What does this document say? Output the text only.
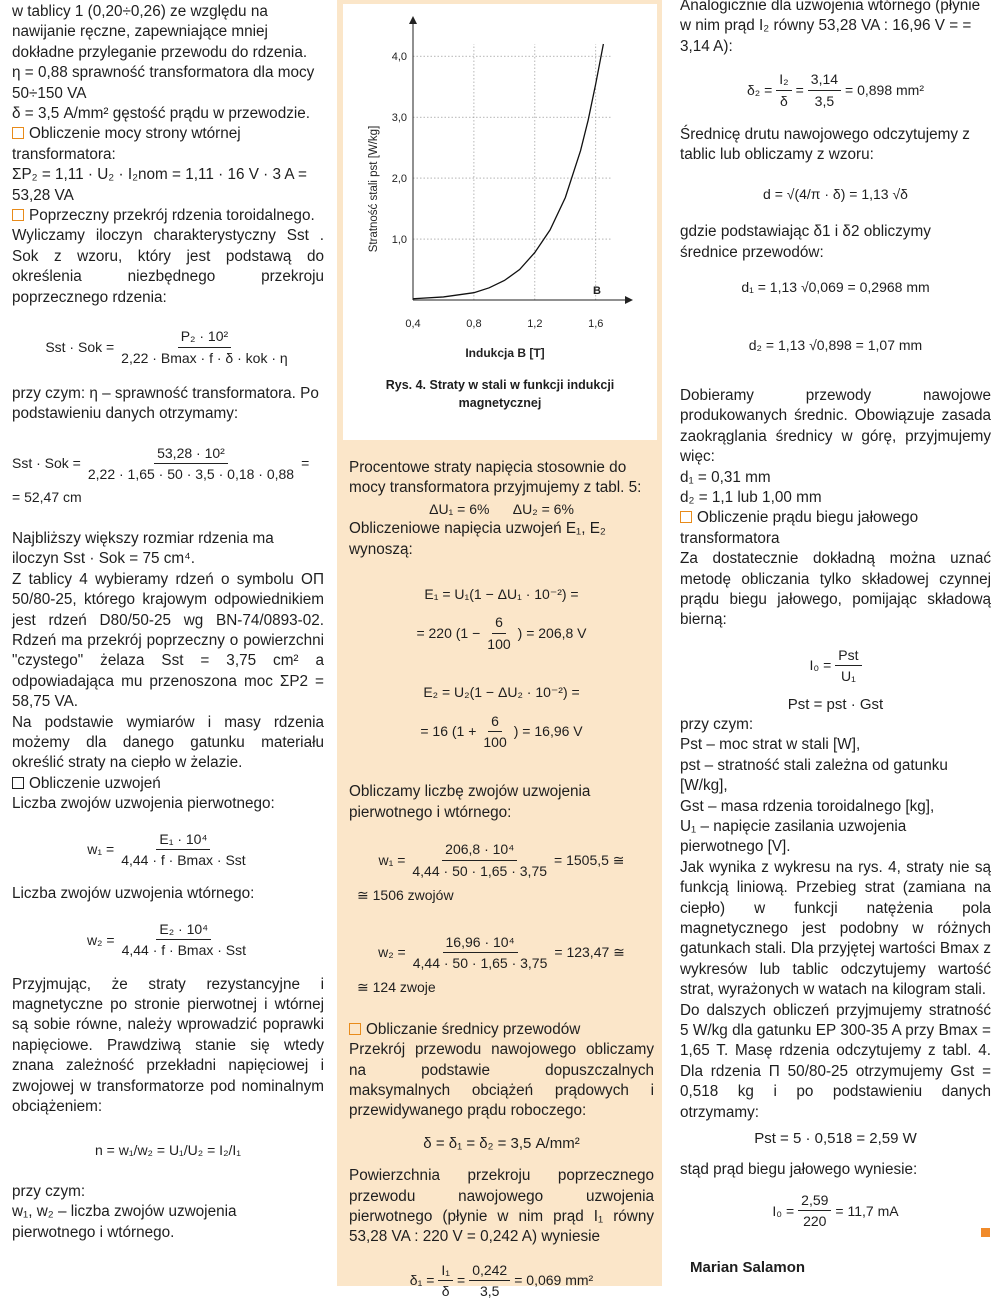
w tablicy 1 (0,20÷0,26) ze względu na nawijanie ręczne, zapewniające mniej dokładne przyleganie przewodu do rdzenia.

η = 0,88 sprawność transformatora dla mocy 50÷150 VA

δ = 3,5 A/mm² gęstość prądu w przewodzie.

Obliczenie mocy strony wtórnej transformatora:

ΣP₂ = 1,11 · U₂ · I₂nom = 1,11 · 16 V · 3 A = 53,28 VA

Poprzeczny przekrój rdzenia toroidalnego.

Wyliczamy iloczyn charakterystyczny Sst . Sok z wzoru, który jest podstawą do określenia niezbędnego przekroju poprzecznego rdzenia:

Sst · Sok = $\frac{\text{P₂ · 10²}}{\text{2,22 · Bmax · f · δ · kok · η}}$

przy czym: η – sprawność transformatora. Po podstawieniu danych otrzymamy:

Sst · Sok = $\frac{\text{53,28 · 10²}}{2,22 \cdot 1,65 \cdot 50 \cdot 3,5 \cdot 0,18 \cdot 0,88}$ =

= 52,47 cm

Najbliższy większy rozmiar rdzenia ma iloczyn Sst · Sok = 75 cm⁴.

Z tablicy 4 wybieramy rdzeń o symbolu OΠ 50/80-25, którego krajowym odpowiednikiem jest rdzeń D80/50-25 wg BN-74/0893-02. Rdzeń ma przekrój poprzeczny o powierzchni "czystego" żelaza Sst = 3,75 cm² a odpowiadająca mu przenoszona moc ΣP2 = 58,75 VA.

Na podstawie wymiarów i masy rdzenia możemy dla danego gatunku materiału określić straty na ciepło w żelazie.

Obliczenie uzwojeń

Liczba zwojów uzwojenia pierwotnego:

$w_1 = \frac{\text{E₁ · 10⁴}}{\text{4,44 · f · Bmax · Sst}}$

Liczba zwojów uzwojenia wtórnego:

$w_2 = \frac{\text{E₂ · 10⁴}}{\text{4,44 · f · Bmax · Sst}}$

Przyjmując, że straty rezystancyjne i magnetyczne po stronie pierwotnej i wtórnej są sobie równe, należy wprowadzić poprawki napięciowe. Prawdziwą stanie się wtedy znana zależność przekładni napięciowej i zwojowej w transformatorze pod nominalnym obciążeniem:

n = w₁/w₂ = U₁/U₂ = I₂/I₁

przy czym:

w₁, w₂ – liczba zwojów uzwojenia pierwotnego i wtórnego.

Stratność stali pst [W/kg]
Indukcja B [T]
B
0,4	0,8	1,2	1,6
1,0
2,0
3,0
4,0
Rys. 4. Straty w stali w funkcji indukcji magnetycznej

Procentowe straty napięcia stosownie do mocy transformatora przyjmujemy z tabl. 5:

ΔU₁ = 6%      ΔU₂ = 6%

Obliczeniowe napięcia uzwojeń E₁, E₂ wynoszą:

E₁ = U₁(1 − ΔU₁ · 10⁻²) =

= 220 ($1 - \frac{6}{100}$ ) = 206,8 V

E₂ = U₂(1 − ΔU₂ · 10⁻²) =

= 16 ($1 + \frac{6}{100}$ ) = 16,96 V

Obliczamy liczbę zwojów uzwojenia pierwotnego i wtórnego:

$w_1 = \frac{\text{206,8 · 10⁴}}{4,44 \cdot 50 \cdot 1,65 \cdot 3,75} = 1505,5$ ≅

≅ 1506 zwojów

$w_2 = \frac{\text{16,96 · 10⁴}}{4,44 \cdot 50 \cdot 1,65 \cdot 3,75} = 123,47$ ≅

≅ 124 zwoje

Obliczanie średnicy przewodów

Przekrój przewodu nawojowego obliczamy na podstawie dopuszczalnych maksymalnych obciążeń prądowych i przewidywanego prądu roboczego:

δ = δ₁ = δ₂ = 3,5 A/mm²

Powierzchnia przekroju poprzecznego przewodu nawojowego uzwojenia pierwotnego (płynie w nim prąd I₁ równy 53,28 VA : 220 V = 0,242 A) wyniesie

$\delta_1 = \frac{\text{I₁}}{\delta} = \frac{0,242}{3,5} = 0,069$ mm²

Analogicznie dla uzwojenia wtórnego (płynie w nim prąd I₂ równy 53,28 VA : 16,96 V = = 3,14 A):

$\delta_2 = \frac{\text{I₂}}{\delta} = \frac{3,14}{3,5} = 0,898$ mm²

Średnicę drutu nawojowego odczytujemy z tablic lub obliczamy z wzoru:

d = √(4/π · δ) = 1,13 √δ

gdzie podstawiając δ1 i δ2 obliczymy średnice przewodów:

d₁ = 1,13 √0,069 = 0,2968 mm

d₂ = 1,13 √0,898 = 1,07 mm

Dobieramy przewody nawojowe produkowanych średnic. Obowiązuje zasada zaokrąglania średnicy w górę, przyjmujemy więc:

d₁ = 0,31 mm

d₂ = 1,1 lub 1,00 mm

Obliczenie prądu biegu jałowego transformatora

Za dostatecznie dokładną można uznać metodę obliczania tylko składowej czynnej prądu biegu jałowego, pomijając składową bierną:

$I_0 = \frac{\text{Pst}}{\text{U₁}}$

Pst = pst · Gst

przy czym:

Pst – moc strat w stali [W],

pst – stratność stali zależna od gatunku [W/kg],

Gst – masa rdzenia toroidalnego [kg],

U₁ – napięcie zasilania uzwojenia pierwotnego [V].

Jak wynika z wykresu na rys. 4, straty nie są funkcją liniową. Przebieg strat (zamiana na ciepło) w funkcji natężenia pola magnetycznego jest podobny w różnych gatunkach stali. Dla przyjętej wartości Bmax z wykresów lub tablic odczytujemy wartość strat, wyrażonych w watach na kilogram stali.

Do dalszych obliczeń przyjmujemy stratność 5 W/kg dla gatunku EP 300-35 A przy Bmax = 1,65 T. Masę rdzenia odczytujemy z tabl. 4. Dla rdzenia Π 50/80-25 otrzymujemy Gst = 0,518 kg i po podstawieniu danych otrzymamy:

Pst = 5 · 0,518 = 2,59 W

stąd prąd biegu jałowego wyniesie:

$I_0 = \frac{2,59}{220} = 11,7$ mA

Marian Salamon
